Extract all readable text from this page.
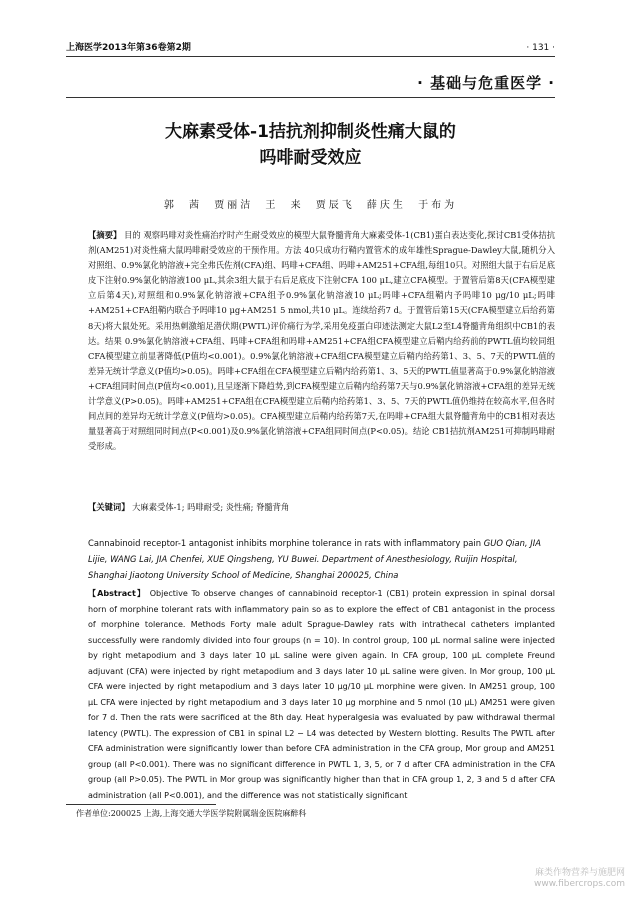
上海医学2013年第36卷第2期	· 131 ·
· 基础与危重医学 ·
大麻素受体-1拮抗剂抑制炎性痛大鼠的
吗啡耐受效应
郭 茜 贾丽洁 王 来 贾辰飞 薛庆生 于布为
【摘要】 目的 观察吗啡对炎性痛治疗时产生耐受效应的模型大鼠脊髓背角大麻素受体-1(CB1)蛋白表达变化,探讨CB1受体拮抗剂(AM251)对炎性痛大鼠吗啡耐受效应的干预作用。方法 40只成功行鞘内置管术的成年雄性Sprague-Dawley大鼠,随机分入对照组、0.9%氯化钠溶液+完全弗氏佐剂(CFA)组、吗啡+CFA组、吗啡+AM251+CFA组,每组10只。对照组大鼠于右后足底皮下注射0.9%氯化钠溶液100 μL,其余3组大鼠于右后足底皮下注射CFA 100 μL,建立CFA模型。于置管后第8天(CFA模型建立后第4天),对照组和0.9%氯化钠溶液+CFA组予0.9%氯化钠溶液10 μL;吗啡+CFA组鞘内予吗啡10 μg/10 μL;吗啡+AM251+CFA组鞘内联合予吗啡10 μg+AM251 5 nmol,共10 μL。连续给药7 d。于置管后第15天(CFA模型建立后给药第8天)将大鼠处死。采用热刺激缩足潜伏期(PWTL)评价痛行为学,采用免疫蛋白印迹法测定大鼠L2至L4脊髓背角组织中CB1的表达。结果 0.9%氯化钠溶液+CFA组、吗啡+CFA组和吗啡+AM251+CFA组CFA模型建立后鞘内给药前的PWTL值均较同组CFA模型建立前显著降低(P值均<0.001)。0.9%氯化钠溶液+CFA组CFA模型建立后鞘内给药第1、3、5、7天的PWTL值的差异无统计学意义(P值均>0.05)。吗啡+CFA组在CFA模型建立后鞘内给药第1、3、5天的PWTL值显著高于0.9%氯化钠溶液+CFA组同时间点(P值均<0.001),且呈逐渐下降趋势,到CFA模型建立后鞘内给药第7天与0.9%氯化钠溶液+CFA组的差异无统计学意义(P>0.05)。吗啡+AM251+CFA组在CFA模型建立后鞘内给药第1、3、5、7天的PWTL值仍维持在较高水平,但各时间点间的差异均无统计学意义(P值均>0.05)。CFA模型建立后鞘内给药第7天,在吗啡+CFA组大鼠脊髓背角中的CB1相对表达量显著高于对照组同时间点(P<0.001)及0.9%氯化钠溶液+CFA组同时间点(P<0.05)。结论 CB1拮抗剂AM251可抑制吗啡耐受形成。
【关键词】 大麻素受体-1; 吗啡耐受; 炎性痛; 脊髓背角
Cannabinoid receptor-1 antagonist inhibits morphine tolerance in rats with inflammatory pain GUO Qian, JIA Lijie, WANG Lai, JIA Chenfei, XUE Qingsheng, YU Buwei. Department of Anesthesiology, Ruijin Hospital, Shanghai Jiaotong University School of Medicine, Shanghai 200025, China
【Abstract】 Objective To observe changes of cannabinoid receptor-1 (CB1) protein expression in spinal dorsal horn of morphine tolerant rats with inflammatory pain so as to explore the effect of CB1 antagonist in the process of morphine tolerance. Methods Forty male adult Sprague-Dawley rats with intrathecal catheters implanted successfully were randomly divided into four groups (n = 10). In control group, 100 μL normal saline were injected by right metapodium and 3 days later 10 μL saline were given again. In CFA group, 100 μL complete Freund adjuvant (CFA) were injected by right metapodium and 3 days later 10 μL saline were given. In Mor group, 100 μL CFA were injected by right metapodium and 3 days later 10 μg/10 μL morphine were given. In AM251 group, 100 μL CFA were injected by right metapodium and 3 days later 10 μg morphine and 5 nmol (10 μL) AM251 were given for 7 d. Then the rats were sacrificed at the 8th day. Heat hyperalgesia was evaluated by paw withdrawal thermal latency (PWTL). The expression of CB1 in spinal L2 − L4 was detected by Western blotting. Results The PWTL after CFA administration were significantly lower than before CFA administration in the CFA group, Mor group and AM251 group (all P<0.001). There was no significant difference in PWTL 1, 3, 5, or 7 d after CFA administration in the CFA group (all P>0.05). The PWTL in Mor group was significantly higher than that in CFA group 1, 2, 3 and 5 d after CFA administration (all P<0.001), and the difference was not statistically significant
作者单位:200025 上海,上海交通大学医学院附属瑞金医院麻醉科
麻类作物营养与施肥网
www.fibercrops.com
